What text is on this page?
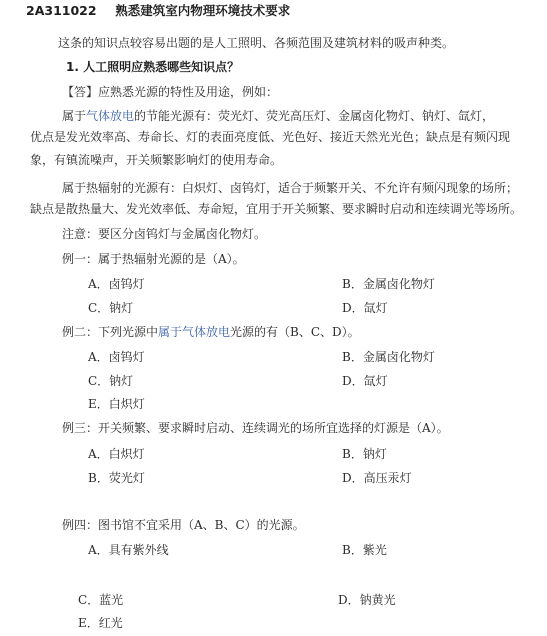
2A311022 熟悉建筑室内物理环境技术要求
这条的知识点较容易出题的是人工照明、各频范围及建筑材料的吸声种类。
1. 人工照明应熟悉哪些知识点？
【答】应熟悉光源的特性及用途，例如：
属于气体放电的节能光源有：荧光灯、荧光高压灯、金属卤化物灯、钠灯、氙灯，
优点是发光效率高、寿命长、灯的表面亮度低、光色好、接近天然光光色；缺点是有频闪现
象，有镇流噪声，开关频繁影响灯的使用寿命。
属于热辐射的光源有：白炽灯、卤钨灯，适合于频繁开关、不允许有频闪现象的场所；
缺点是散热量大、发光效率低、寿命短，宜用于开关频繁、要求瞬时启动和连续调光等场所。
注意：要区分卤钨灯与金属卤化物灯。
例一：属于热辐射光源的是（A）。
A．卤钨灯	B．金属卤化物灯
C．钠灯	D．氙灯
例二：下列光源中属于气体放电光源的有（B、C、D）。
A．卤钨灯	B．金属卤化物灯
C．钠灯	D．氙灯
E．白炽灯
例三：开关频繁、要求瞬时启动、连续调光的场所宜选择的灯源是（A）。
A．白炽灯	B．钠灯
B．荧光灯	D．高压汞灯
例四：图书馆不宜采用（A、B、C）的光源。
A．具有紫外线	B．紫光
C．蓝光	D．钠黄光
E．红光
